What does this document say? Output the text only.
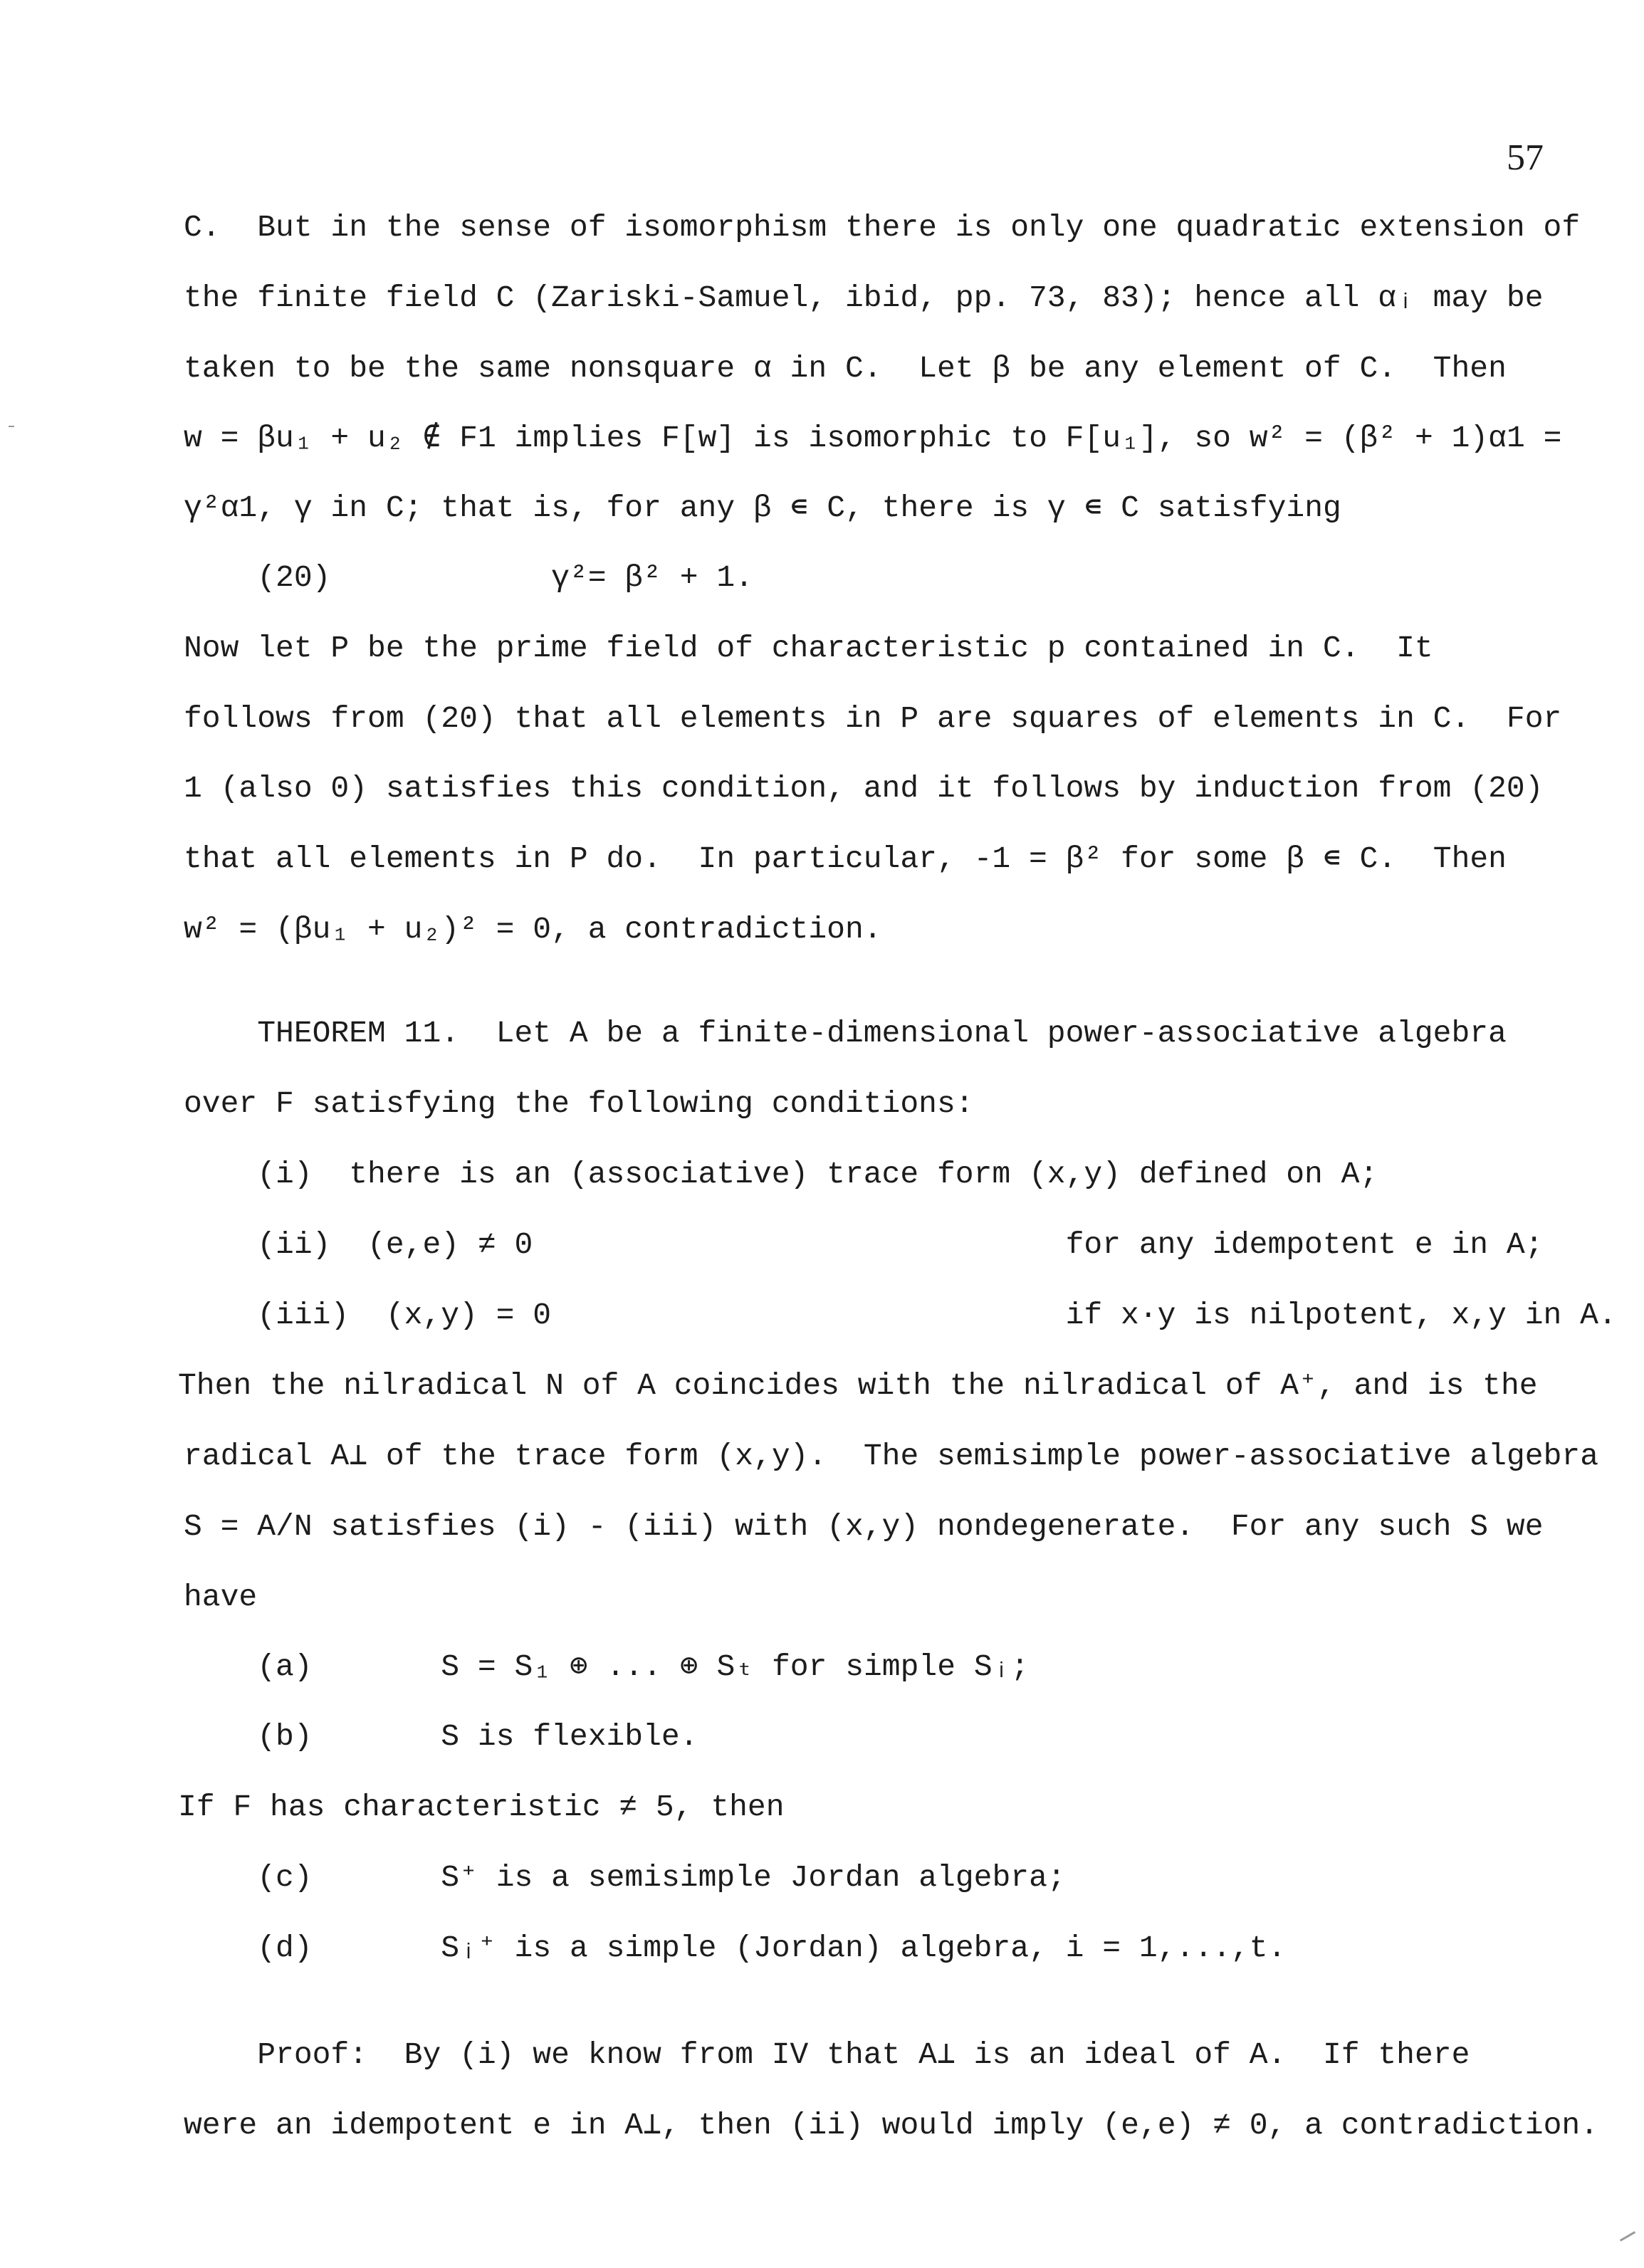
57
C.  But in the sense of isomorphism there is only one quadratic extension of
the finite field C (Zariski-Samuel, ibid, pp. 73, 83); hence all αᵢ may be
taken to be the same nonsquare α in C.  Let β be any element of C.  Then
w = βu₁ + u₂ ∉ F1 implies F[w] is isomorphic to F[u₁], so w² = (β² + 1)α1 =
γ²α1, γ in C; that is, for any β ∊ C, there is γ ∊ C satisfying
(20)            γ²= β² + 1.
Now let P be the prime field of characteristic p contained in C.  It
follows from (20) that all elements in P are squares of elements in C.  For
1 (also 0) satisfies this condition, and it follows by induction from (20)
that all elements in P do.  In particular, -1 = β² for some β ∊ C.  Then
w² = (βu₁ + u₂)² = 0, a contradiction.
THEOREM 11.  Let A be a finite-dimensional power-associative algebra
over F satisfying the following conditions:
(i)  there is an (associative) trace form (x,y) defined on A;
(ii)  (e,e) ≠ 0                             for any idempotent e in A;
(iii)  (x,y) = 0                            if x·y is nilpotent, x,y in A.
Then the nilradical N of A coincides with the nilradical of A⁺, and is the
radical A⊥ of the trace form (x,y).  The semisimple power-associative algebra
S = A/N satisfies (i) - (iii) with (x,y) nondegenerate.  For any such S we
have
(a)       S = S₁ ⊕ ... ⊕ Sₜ for simple Sᵢ;
(b)       S is flexible.
If F has characteristic ≠ 5, then
(c)       S⁺ is a semisimple Jordan algebra;
(d)       Sᵢ⁺ is a simple (Jordan) algebra, i = 1,...,t.
Proof:  By (i) we know from IV that A⊥ is an ideal of A.  If there
were an idempotent e in A⊥, then (ii) would imply (e,e) ≠ 0, a contradiction.
